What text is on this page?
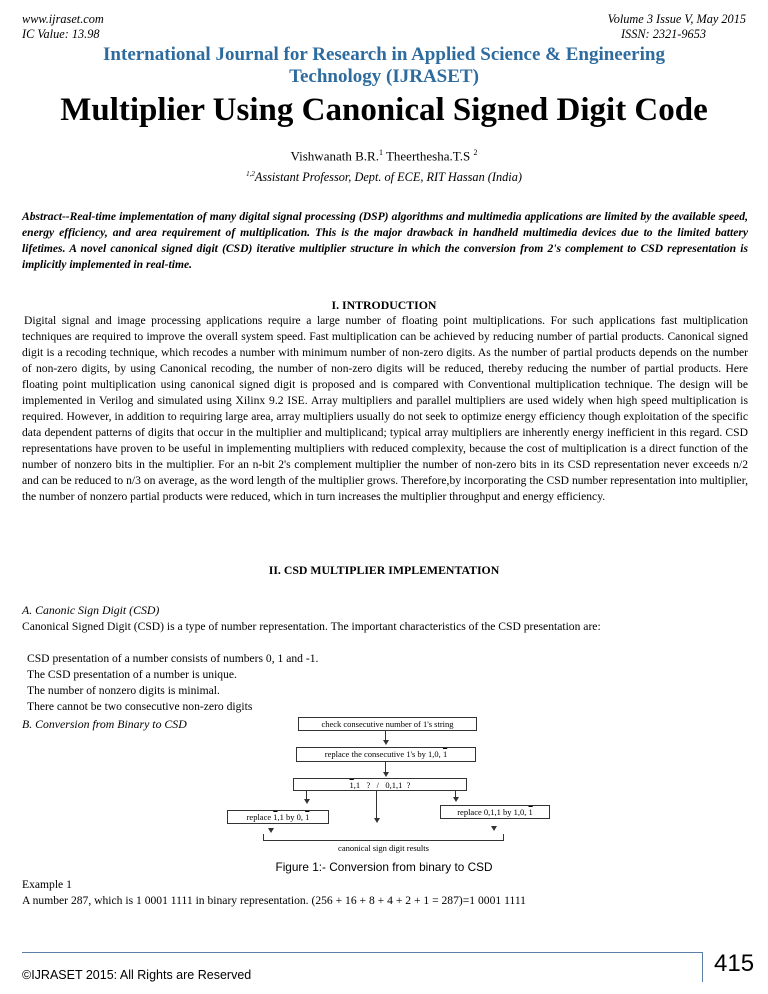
www.ijraset.com
IC Value: 13.98
Volume 3 Issue V, May 2015
ISSN: 2321-9653
International Journal for Research in Applied Science & Engineering
Technology (IJRASET)
Multiplier Using Canonical Signed Digit Code
Vishwanath B.R.$^1$ Theerthesha.T.S $^2$
$^{1,2}$Assistant Professor, Dept. of ECE, RIT Hassan (India)
Abstract--Real-time implementation of many digital signal processing (DSP) algorithms and multimedia applications are limited by the available speed, energy efficiency, and area requirement of multiplication. This is the major drawback in handheld multimedia devices due to the limited battery lifetimes. A novel canonical signed digit (CSD) iterative multiplier structure in which the conversion from 2's complement to CSD representation is implicitly implemented in real-time.
I. INTRODUCTION
Digital signal and image processing applications require a large number of floating point multiplications. For such applications fast multiplication techniques are required to improve the overall system speed. Fast multiplication can be achieved by reducing number of partial products. Canonical signed digit is a recoding technique, which recodes a number with minimum number of non-zero digits. As the number of partial products depends on the number of non-zero digits, by using Canonical recoding, the number of non-zero digits will be reduced, thereby reducing the number of partial products. Here floating point multiplication using canonical signed digit is proposed and is compared with Conventional multiplication technique. The design will be implemented in Verilog and simulated using Xilinx 9.2 ISE. Array multipliers and parallel multipliers are used widely when high speed multiplication is required. However, in addition to requiring large area, array multipliers usually do not seek to optimize energy efficiency though exploitation of the specific data dependent patterns of digits that occur in the multiplier and multiplicand; typical array multipliers are inherently energy inefficient in this regard. CSD representations have proven to be useful in implementing multipliers with reduced complexity, because the cost of multiplication is a direct function of the number of nonzero bits in the multiplier. For an n-bit 2's complement multiplier the number of non-zero bits in its CSD representation never exceeds n/2 and can be reduced to n/3 on average, as the word length of the multiplier grows. Therefore,by incorporating the CSD number representation into multiplier, the number of nonzero partial products were reduced, which in turn increases the multiplier throughput and energy efficiency.
II. CSD MULTIPLIER IMPLEMENTATION
A. Canonic Sign Digit (CSD)
Canonical Signed Digit (CSD) is a type of number representation. The important characteristics of the CSD presentation are:
CSD presentation of a number consists of numbers 0, 1 and -1.
The CSD presentation of a number is unique.
The number of nonzero digits is minimal.
There cannot be two consecutive non-zero digits
B. Conversion from Binary to CSD	check consecutive number of 1's string
replace the consecutive 1's by 1,0, 1
1,1   ?   /   0,1,1  ?
replace 1,1 by 0, 1	replace 0,1,1 by 1,0, 1
canonical sign digit results
Figure 1:- Conversion from binary to CSD
Example 1
A number 287, which is 1 0001 1111 in binary representation. (256 + 16 + 8 + 4 + 2 + 1 = 287)=1 0001 1111
©IJRASET 2015: All Rights are Reserved	415
